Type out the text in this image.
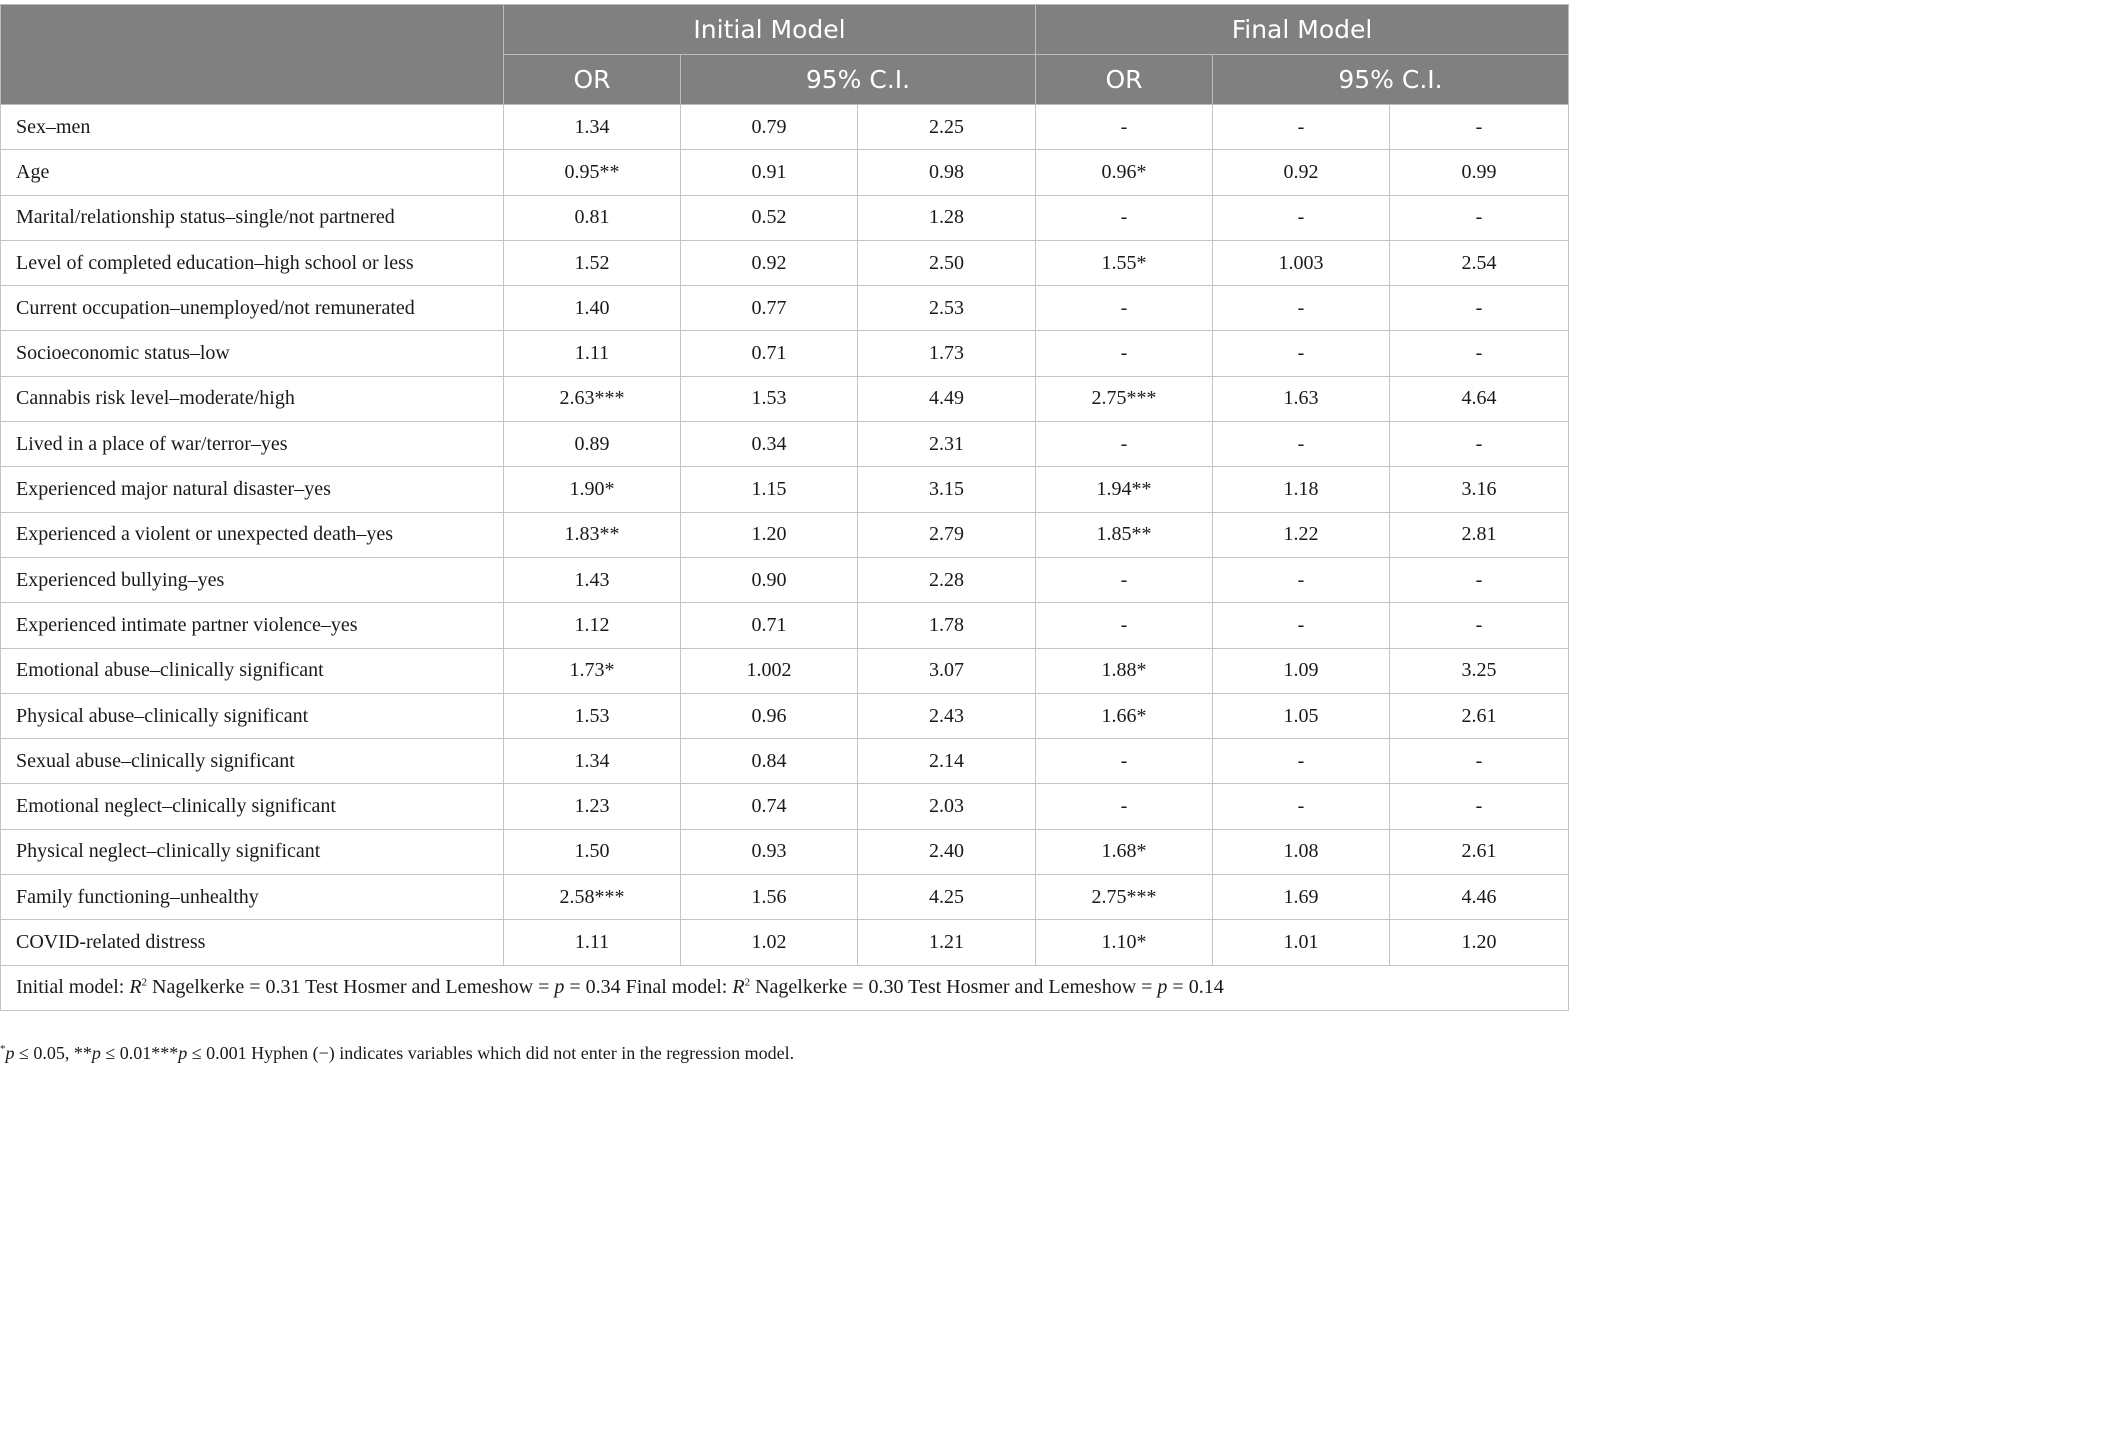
	Initial Model			Final Model		
	OR	95% C.I.		OR	95% C.I.	
Sex–men	1.34	0.79	2.25	-	-	-
Age	0.95**	0.91	0.98	0.96*	0.92	0.99
Marital/relationship status–single/not partnered	0.81	0.52	1.28	-	-	-
Level of completed education–high school or less	1.52	0.92	2.50	1.55*	1.003	2.54
Current occupation–unemployed/not remunerated	1.40	0.77	2.53	-	-	-
Socioeconomic status–low	1.11	0.71	1.73	-	-	-
Cannabis risk level–moderate/high	2.63***	1.53	4.49	2.75***	1.63	4.64
Lived in a place of war/terror–yes	0.89	0.34	2.31	-	-	-
Experienced major natural disaster–yes	1.90*	1.15	3.15	1.94**	1.18	3.16
Experienced a violent or unexpected death–yes	1.83**	1.20	2.79	1.85**	1.22	2.81
Experienced bullying–yes	1.43	0.90	2.28	-	-	-
Experienced intimate partner violence–yes	1.12	0.71	1.78	-	-	-
Emotional abuse–clinically significant	1.73*	1.002	3.07	1.88*	1.09	3.25
Physical abuse–clinically significant	1.53	0.96	2.43	1.66*	1.05	2.61
Sexual abuse–clinically significant	1.34	0.84	2.14	-	-	-
Emotional neglect–clinically significant	1.23	0.74	2.03	-	-	-
Physical neglect–clinically significant	1.50	0.93	2.40	1.68*	1.08	2.61
Family functioning–unhealthy	2.58***	1.56	4.25	2.75***	1.69	4.46
COVID-related distress	1.11	1.02	1.21	1.10*	1.01	1.20
Initial model: $R^2$ Nagelkerke = 0.31 Test Hosmer and Lemeshow = p = 0.34 Final model: $R^2$ Nagelkerke = 0.30 Test Hosmer and Lemeshow = p = 0.14						
*p ≤ 0.05, **p ≤ 0.01***p ≤ 0.001 Hyphen (−) indicates variables which did not enter in the regression model.
